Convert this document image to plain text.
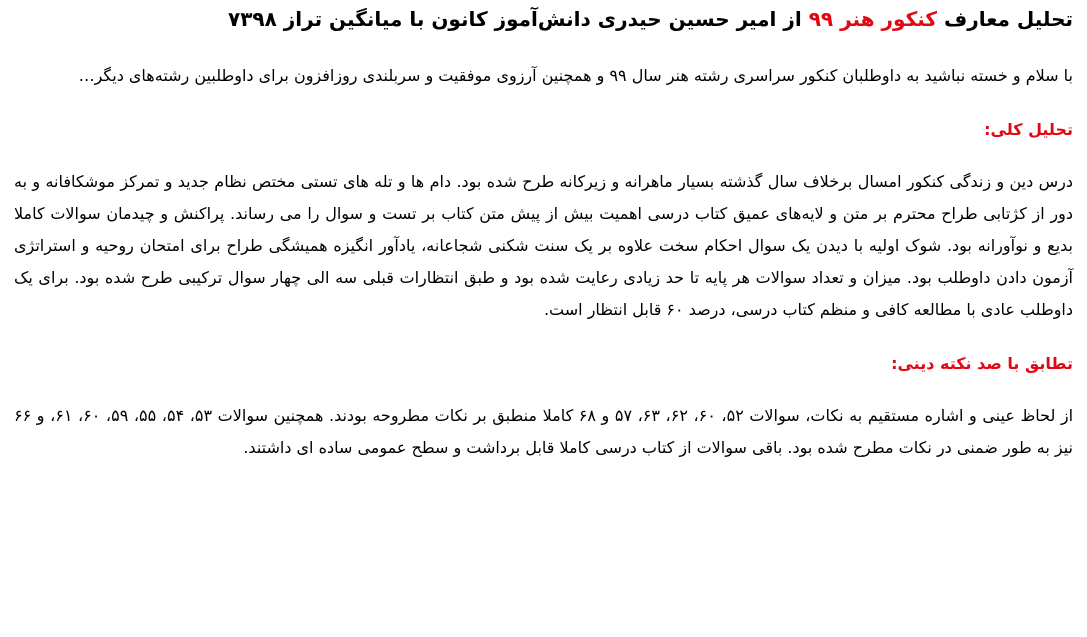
تحلیل معارف کنکور هنر ۹۹ از امیر حسین حیدری دانش‌آموز کانون با میانگین تراز ۷۳۹۸

با سلام و خسته نباشید به داوطلبان کنکور سراسری رشته هنر سال ۹۹ و همچنین آرزوی موفقیت و سربلندی روزافزون برای داوطلبین رشته‌های دیگر…

تحلیل کلی:

درس دین و زندگی کنکور امسال برخلاف سال گذشته بسیار ماهرانه و زیرکانه طرح شده بود. دام ها و تله های تستی مختص نظام جدید و تمرکز موشکافانه و به دور از کژتابی طراح محترم بر متن و لایه‌های عمیق کتاب درسی اهمیت بیش از پیش متن کتاب بر تست و سوال را می رساند. پراکنش و چیدمان سوالات کاملا بدیع و نوآورانه بود. شوک اولیه با دیدن یک سوال احکام سخت علاوه بر یک سنت شکنی شجاعانه، یادآور انگیزه همیشگی طراح برای امتحان روحیه و استراتژی آزمون دادن داوطلب بود. میزان و تعداد سوالات هر پایه تا حد زیادی رعایت شده بود و طبق انتظارات قبلی سه الی چهار سوال ترکیبی طرح شده بود. برای یک داوطلب عادی با مطالعه کافی و منظم کتاب درسی، درصد ۶۰ قابل انتظار است.

تطابق با صد نکته دینی:

از لحاظ عینی و اشاره مستقیم به نکات، سوالات ۵۲، ۶۰، ۶۲، ۶۳، ۵۷ و ۶۸ کاملا منطبق بر نکات مطروحه بودند. همچنین سوالات ۵۳، ۵۴، ۵۵، ۵۹، ۶۰، ۶۱، و ۶۶ نیز به طور ضمنی در نکات مطرح شده بود. باقی سوالات از کتاب درسی کاملا قابل برداشت و سطح عمومی ساده ای داشتند.
